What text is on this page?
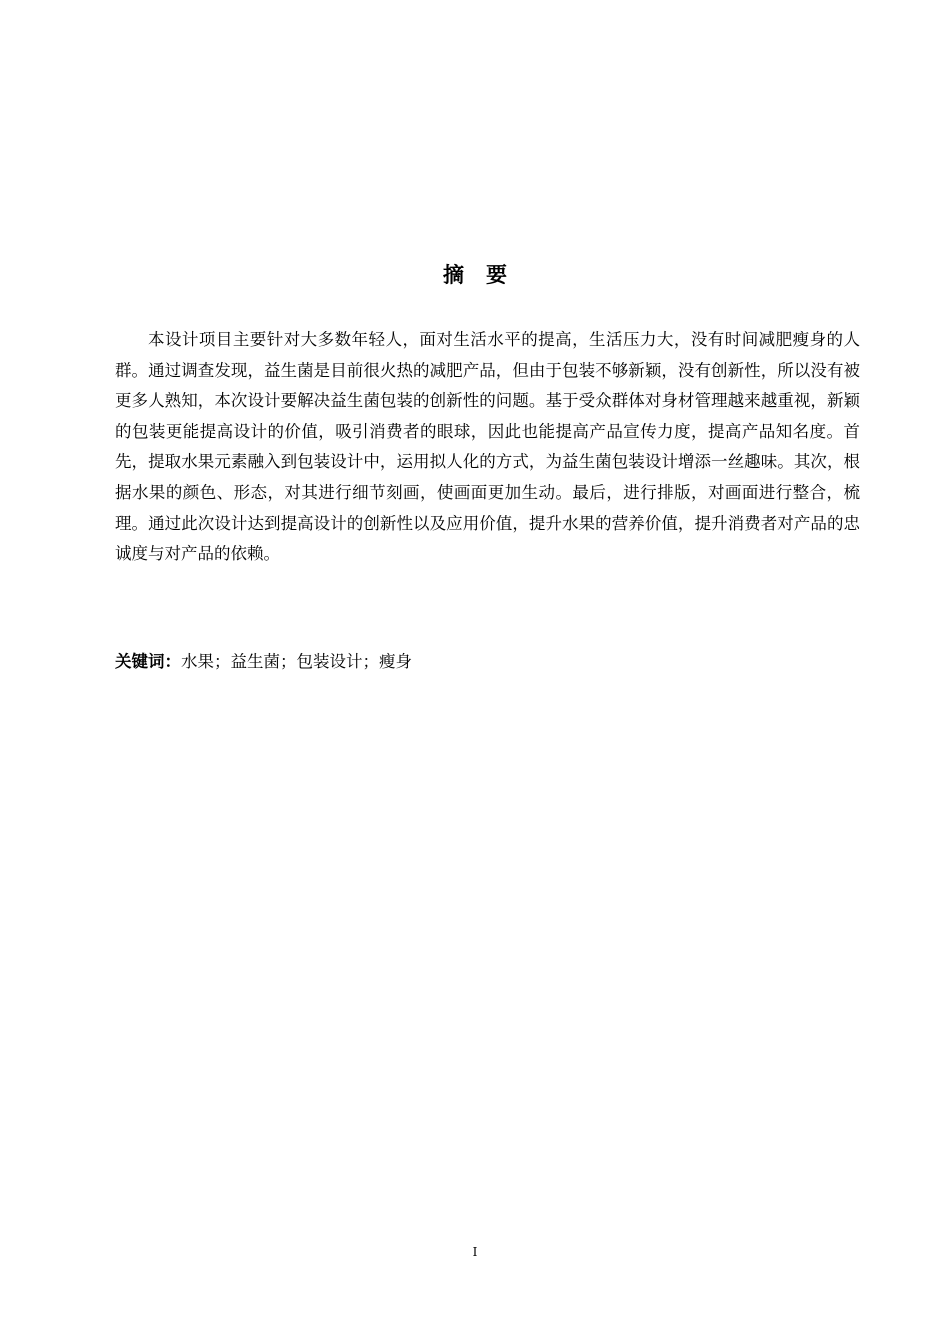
摘要

本设计项目主要针对大多数年轻人，面对生活水平的提高，生活压力大，没有时间减肥瘦身的人群。通过调查发现，益生菌是目前很火热的减肥产品，但由于包装不够新颖，没有创新性，所以没有被更多人熟知，本次设计要解决益生菌包装的创新性的问题。基于受众群体对身材管理越来越重视，新颖的包装更能提高设计的价值，吸引消费者的眼球，因此也能提高产品宣传力度，提高产品知名度。首先，提取水果元素融入到包装设计中，运用拟人化的方式，为益生菌包装设计增添一丝趣味。其次，根据水果的颜色、形态，对其进行细节刻画，使画面更加生动。最后，进行排版，对画面进行整合，梳理。通过此次设计达到提高设计的创新性以及应用价值，提升水果的营养价值，提升消费者对产品的忠诚度与对产品的依赖。

关键词：水果；益生菌；包装设计；瘦身

I
